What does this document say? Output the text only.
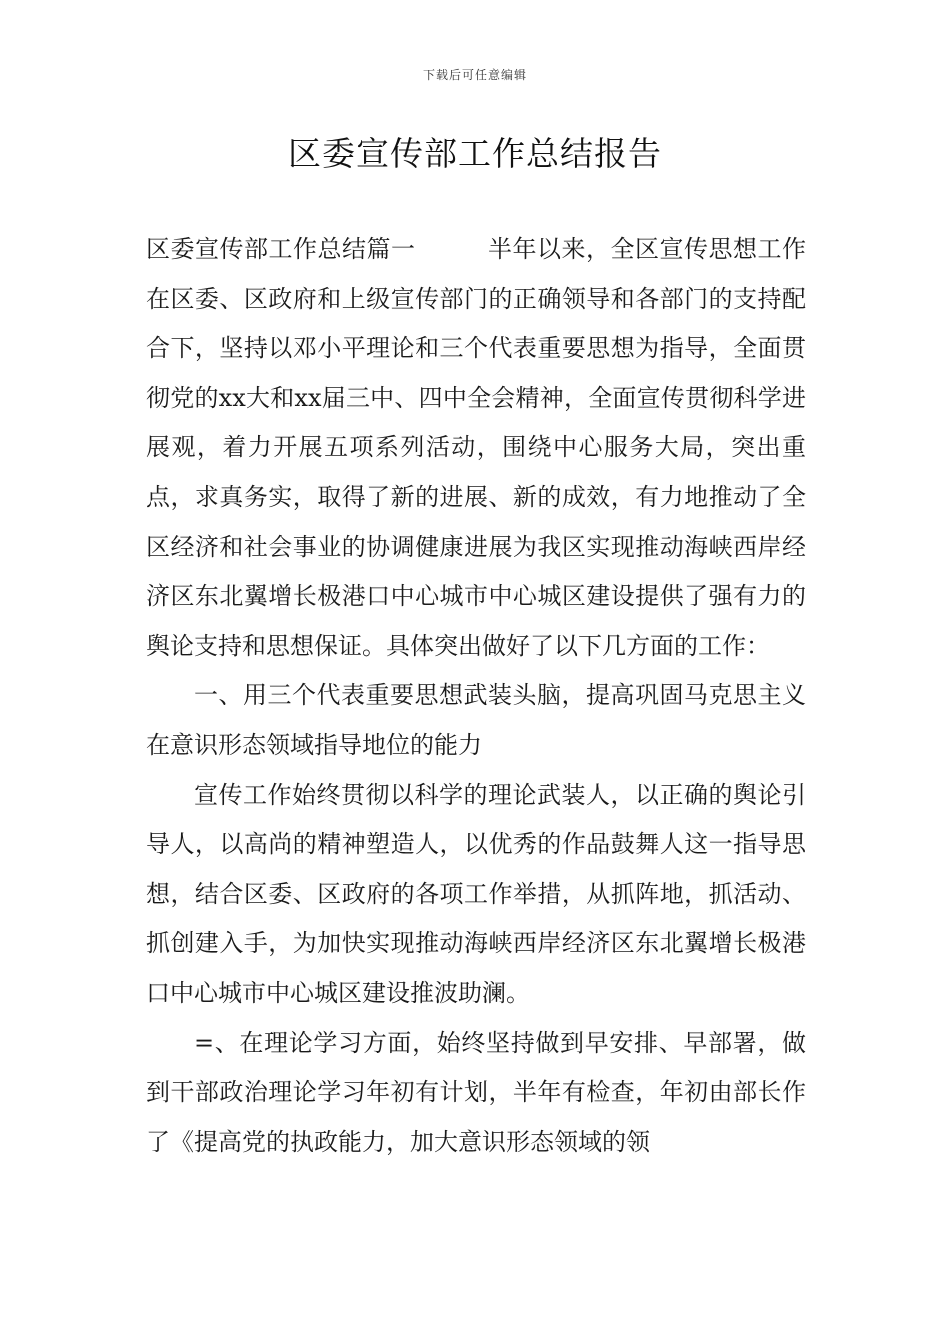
下载后可任意编辑
区委宣传部工作总结报告

区委宣传部工作总结篇一	半年以来，全区宣传思想工作在区委、区政府和上级宣传部门的正确领导和各部门的支持配合下，坚持以邓小平理论和三个代表重要思想为指导，全面贯彻党的xx大和xx届三中、四中全会精神，全面宣传贯彻科学进展观，着力开展五项系列活动，围绕中心服务大局，突出重点，求真务实，取得了新的进展、新的成效，有力地推动了全区经济和社会事业的协调健康进展为我区实现推动海峡西岸经济区东北翼增长极港口中心城市中心城区建设提供了强有力的舆论支持和思想保证。具体突出做好了以下几方面的工作：

一、用三个代表重要思想武装头脑，提高巩固马克思主义在意识形态领域指导地位的能力

宣传工作始终贯彻以科学的理论武装人，以正确的舆论引导人，以高尚的精神塑造人，以优秀的作品鼓舞人这一指导思想，结合区委、区政府的各项工作举措，从抓阵地，抓活动、抓创建入手，为加快实现推动海峡西岸经济区东北翼增长极港口中心城市中心城区建设推波助澜。

=、在理论学习方面，始终坚持做到早安排、早部署，做到干部政治理论学习年初有计划，半年有检查，年初由部长作了《提高党的执政能力，加大意识形态领域的领
